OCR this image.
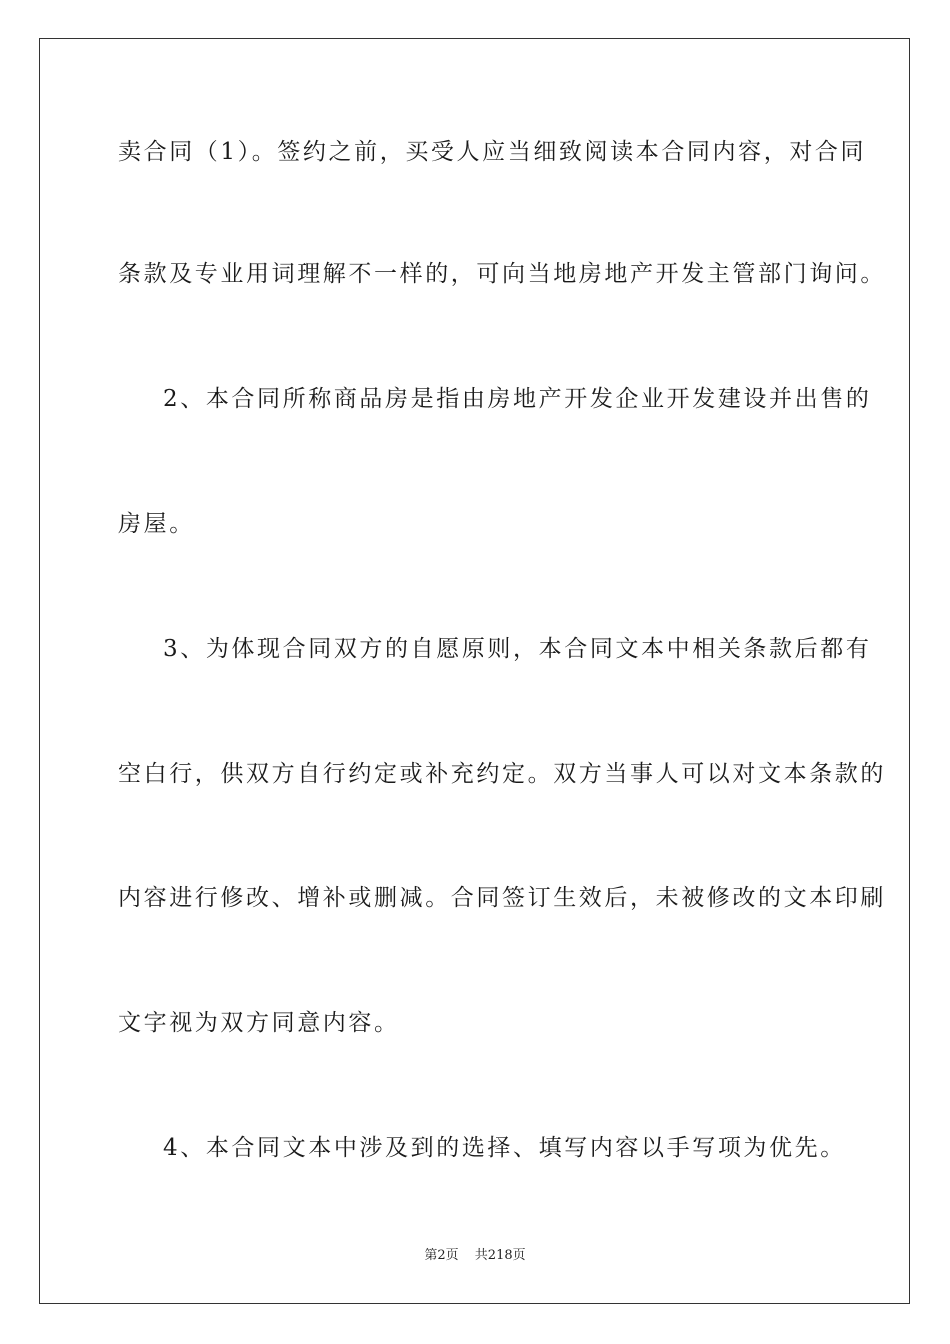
卖合同（1）。签约之前，买受人应当细致阅读本合同内容，对合同
条款及专业用词理解不一样的，可向当地房地产开发主管部门询问。
2、本合同所称商品房是指由房地产开发企业开发建设并出售的
房屋。
3、为体现合同双方的自愿原则，本合同文本中相关条款后都有
空白行，供双方自行约定或补充约定。双方当事人可以对文本条款的
内容进行修改、增补或删减。合同签订生效后，未被修改的文本印刷
文字视为双方同意内容。
4、本合同文本中涉及到的选择、填写内容以手写项为优先。
第2页 共218页
